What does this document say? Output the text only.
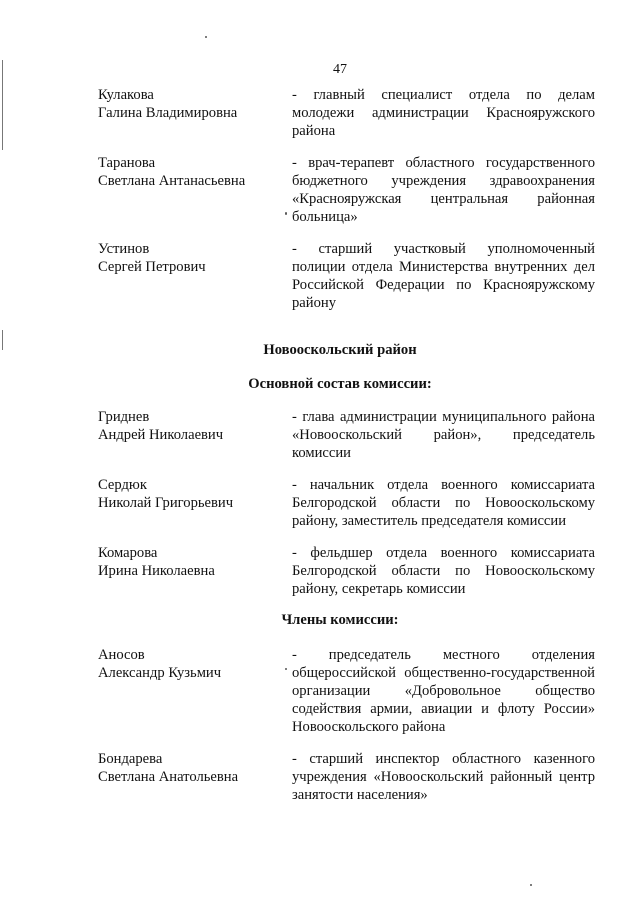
47
Кулакова
Галина Владимировна
- главный специалист отдела по делам молодежи администрации Краснояружского района
Таранова
Светлана Антанасьевна
- врач-терапевт областного государственного бюджетного учреждения здравоохранения «Краснояружская центральная районная больница»
Устинов
Сергей Петрович
- старший участковый уполномоченный полиции отдела Министерства внутренних дел Российской Федерации по Краснояружскому району
Новооскольский район
Основной состав комиссии:
Гриднев
Андрей Николаевич
- глава администрации муниципального района «Новооскольский район», председатель комиссии
Сердюк
Николай Григорьевич
- начальник отдела военного комиссариата Белгородской области по Новооскольскому району, заместитель председателя комиссии
Комарова
Ирина Николаевна
- фельдшер отдела военного комиссариата Белгородской области по Новооскольскому району, секретарь комиссии
Члены комиссии:
Аносов
Александр Кузьмич
- председатель местного отделения общероссийской общественно-государственной организации «Добровольное общество содействия армии, авиации и флоту России» Новооскольского района
Бондарева
Светлана Анатольевна
- старший инспектор областного казенного учреждения «Новооскольский районный центр занятости населения»
